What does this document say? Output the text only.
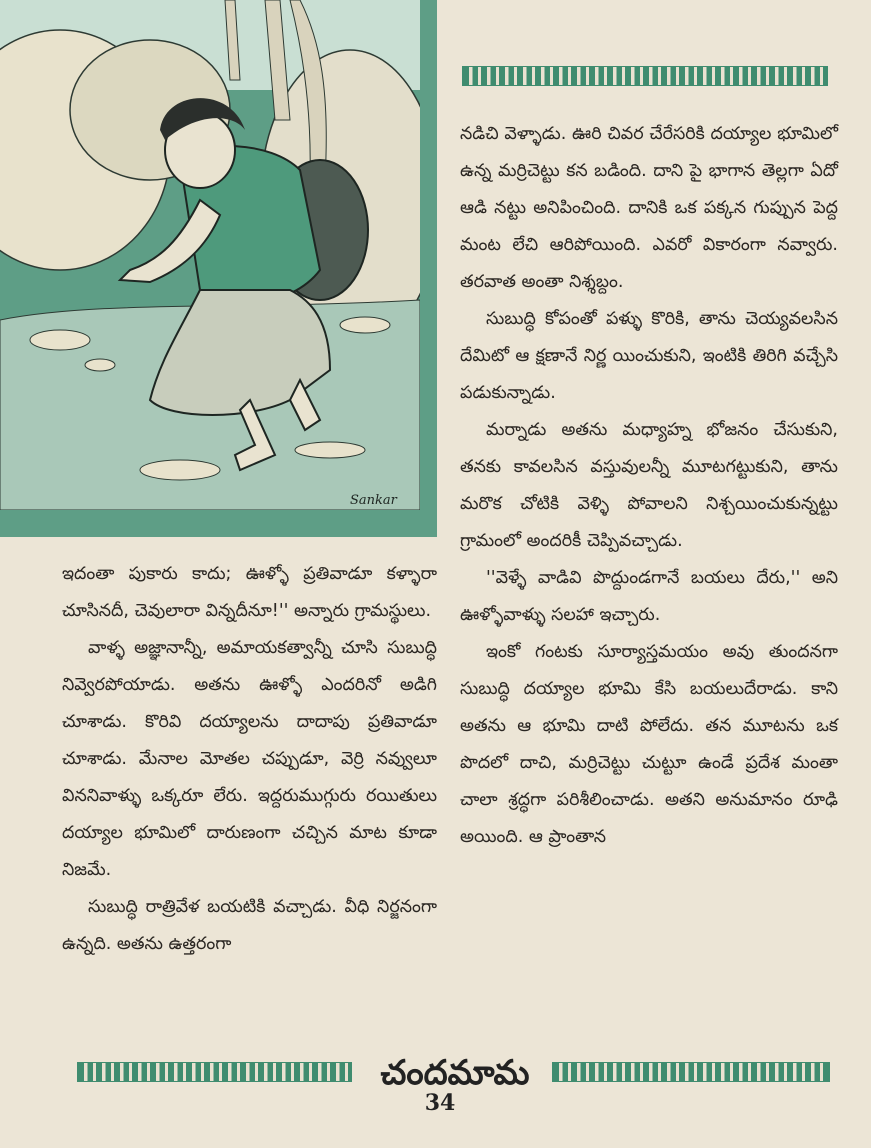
Sankar

ఇదంతా పుకారు కాదు; ఊళ్ళో ప్రతివాడూ కళ్ళారా చూసినదీ, చెవులారా విన్నదీనూ!'' అన్నారు గ్రామస్థులు.

వాళ్ళ అజ్ఞానాన్నీ, అమాయకత్వాన్నీ చూసి సుబుద్ధి నివ్వెరపోయాడు. అతను ఊళ్ళో ఎందరినో అడిగి చూశాడు. కొరివి దయ్యాలను దాదాపు ప్రతివాడూ చూశాడు. మేనాల మోతల చప్పుడూ, వెర్రి నవ్వులూ విననివాళ్ళు ఒక్కరూ లేరు. ఇద్దరుముగ్గురు రయితులు దయ్యాల భూమిలో దారుణంగా చచ్చిన మాట కూడా నిజమే.

సుబుద్ధి రాత్రివేళ బయటికి వచ్చాడు. వీధి నిర్జనంగా ఉన్నది. అతను ఉత్తరంగా

నడిచి వెళ్ళాడు. ఊరి చివర చేరేసరికి దయ్యాల భూమిలో ఉన్న మర్రిచెట్టు కన బడింది. దాని పై భాగాన తెల్లగా ఏదో ఆడి నట్టు అనిపించింది. దానికి ఒక పక్కన గుప్పున పెద్ద మంట లేచి ఆరిపోయింది. ఎవరో వికారంగా నవ్వారు. తరవాత అంతా నిశ్శబ్దం.

సుబుద్ధి కోపంతో పళ్ళు కొరికి, తాను చెయ్యవలసిన దేమిటో ఆ క్షణానే నిర్ణ యించుకుని, ఇంటికి తిరిగి వచ్చేసి పడుకున్నాడు.

మర్నాడు అతను మధ్యాహ్న భోజనం చేసుకుని, తనకు కావలసిన వస్తువులన్నీ మూటగట్టుకుని, తాను మరొక చోటికి వెళ్ళి పోవాలని నిశ్చయించుకున్నట్టు గ్రామంలో అందరికీ చెప్పివచ్చాడు.

''వెళ్ళే వాడివి పొద్దుండగానే బయలు దేరు,'' అని ఊళ్ళోవాళ్ళు సలహా ఇచ్చారు.

ఇంకో గంటకు సూర్యాస్తమయం అవు తుందనగా సుబుద్ధి దయ్యాల భూమి కేసి బయలుదేరాడు. కాని అతను ఆ భూమి దాటి పోలేదు. తన మూటను ఒక పొదలో దాచి, మర్రిచెట్టు చుట్టూ ఉండే ప్రదేశ మంతా చాలా శ్రద్ధగా పరిశీలించాడు. అతని అనుమానం రూఢి అయింది. ఆ ప్రాంతాన

చందమామ
34
